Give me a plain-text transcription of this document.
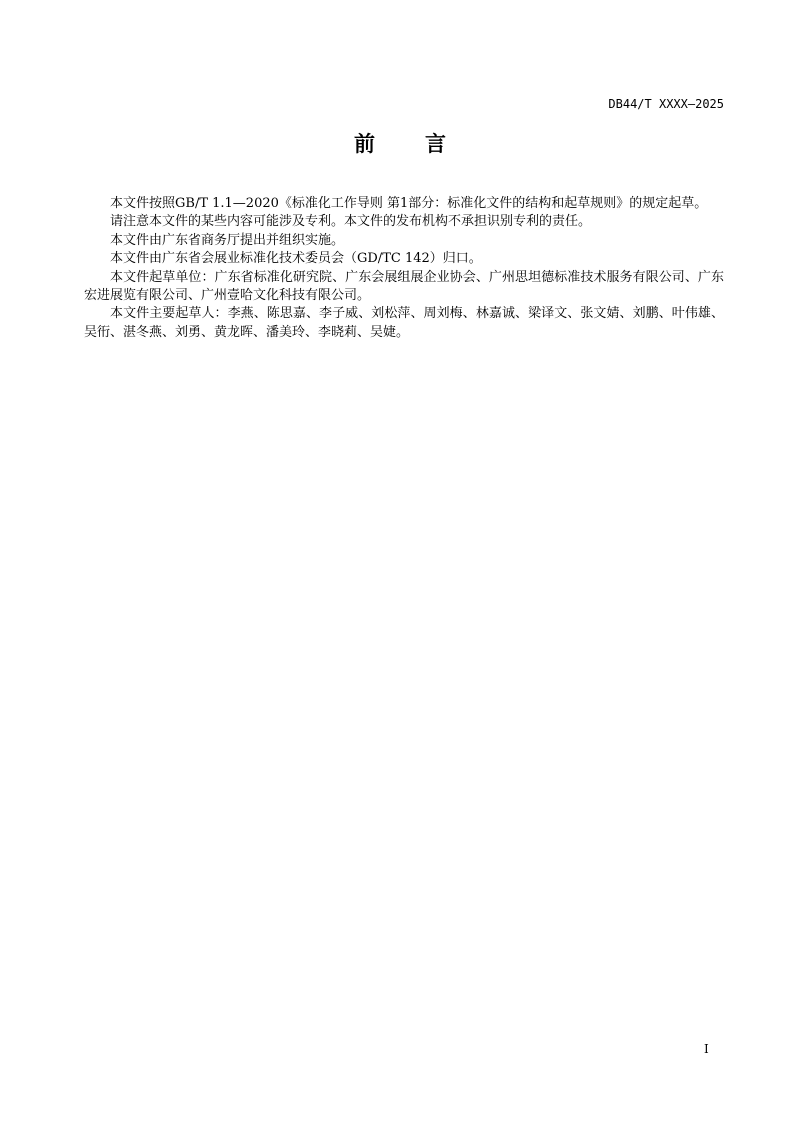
DB44/T XXXX—2025
前言

本文件按照GB/T 1.1—2020《标准化工作导则 第1部分：标准化文件的结构和起草规则》的规定起草。

请注意本文件的某些内容可能涉及专利。本文件的发布机构不承担识别专利的责任。

本文件由广东省商务厅提出并组织实施。

本文件由广东省会展业标准化技术委员会（GD/TC 142）归口。

本文件起草单位：广东省标准化研究院、广东会展组展企业协会、广州思坦德标准技术服务有限公司、广东宏进展览有限公司、广州壹哈文化科技有限公司。

本文件主要起草人：李燕、陈思嘉、李子威、刘松萍、周刘梅、林嘉诚、梁译文、张文婧、刘鹏、叶伟雄、吴衎、湛冬燕、刘勇、黄龙晖、潘美玲、李晓莉、吴婕。

I
